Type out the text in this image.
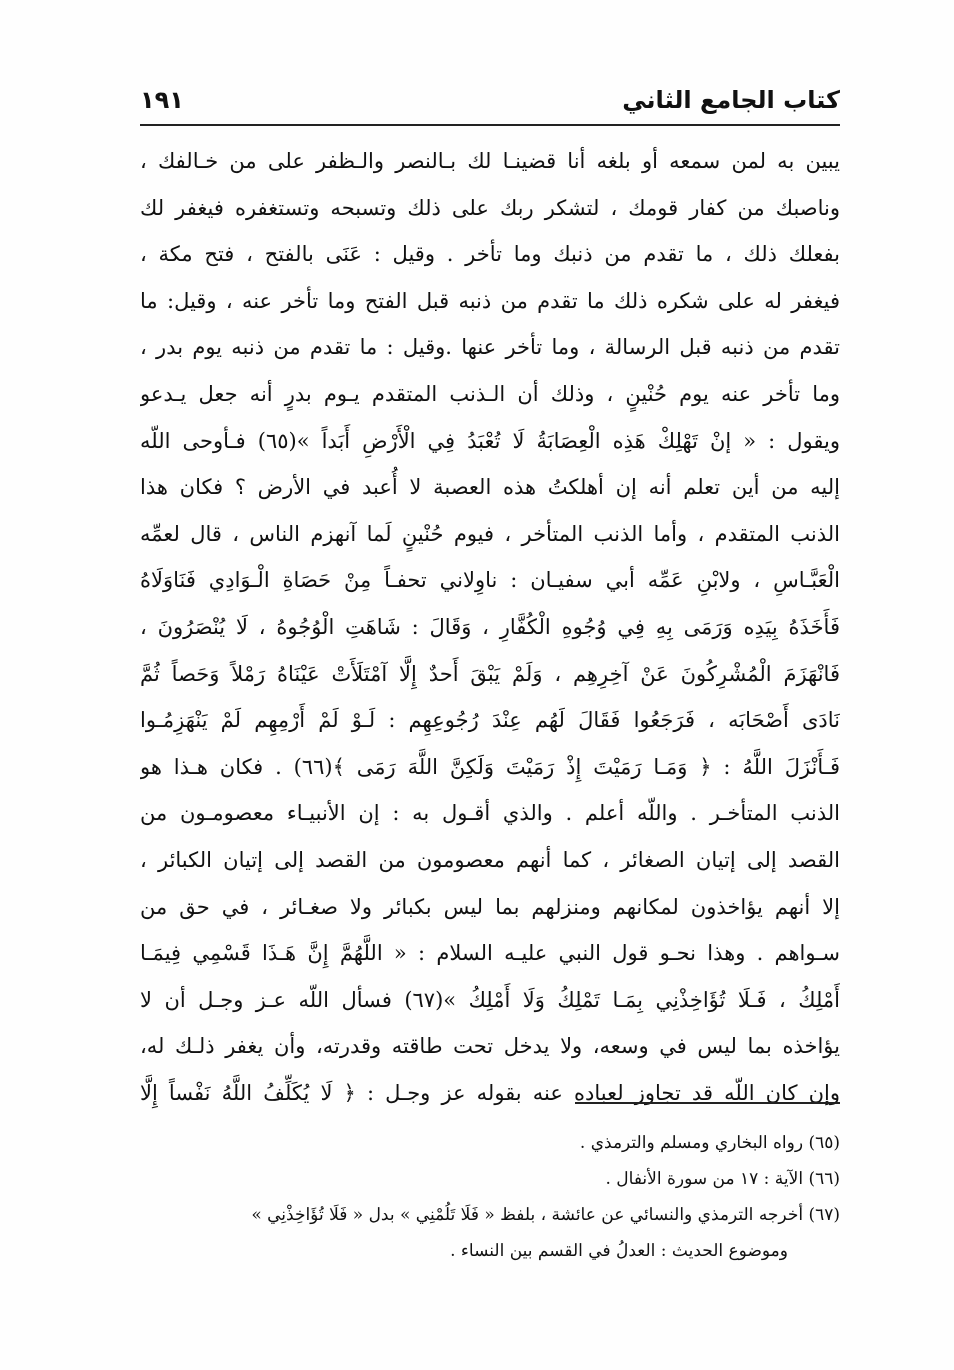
كتاب الجامع الثاني
١٩١
يبين به لمن سمعه أو بلغه أنا قضينـا لك بـالنصر والـظفر على من خـالفك ،
وناصبك من كفار قومك ، لتشكر ربك على ذلك وتسبحه وتستغفره فيغفر لك
بفعلك ذلك ، ما تقدم من ذنبك وما تأخر . وقيل : عَنَى بالفتح ، فتح مكة ،
فيغفر له على شكره ذلك ما تقدم من ذنبه قبل الفتح وما تأخر عنه ، وقيل: ما
تقدم من ذنبه قبل الرسالة ، وما تأخر عنها .وقيل : ما تقدم من ذنبه يوم بدر ،
وما تأخر عنه يوم حُنْينٍ ، وذلك أن الـذنب المتقدم يـوم بدرٍ أنه جعل يـدعو
ويقول : « إنْ تَهْلِكْ هَذِه الْعِصَابَةُ لَا تُعْبَدُ فِي الْأَرْضِ أَبَداً »(٦٥) فـأوحى اللّه
إليه من أين تعلم أنه إن أهلكتُ هذه العصبة لا أُعبد في الأرض ؟ فكان هذا
الذنب المتقدم ، وأما الذنب المتأخر ، فيوم حُنْينٍ لَما آنهزم الناس ، قال لعمِّه
الْعَبَّـاسِ ، ولابْنِ عَمِّه أبي سفيـان : ناوِلاني تحفـاً مِنْ حَصَاةِ الْـوَادِي فَنَاوَلَاهُ
فَأَخَذَهُ بِيَدِه وَرَمَى بِهِ فِي وُجُوهِ الْكُفَّارِ ، وَقَالَ : شَاهَتِ الْوُجُوهُ ، لَا يُنْصَرُونَ ،
فَانْهَزَمَ الْمُشْرِكُونَ عَنْ آخِرِهِم ، وَلَمْ يَبْقَ أَحدٌ إِلَّا آمْتَلَأَتْ عَيْنَاهُ رَمْلاً وَحَصاً ثُمَّ
نَادَى أَصْحَابَه ، فَرَجَعُوا فَقَالَ لَهُم عِنْدَ رُجُوعِهِم : لَـوْ لَمْ أَرْمِهِم لَمْ يَنْهَزِمُـوا
فَـأَنْزَلَ اللَّهُ : ﴿ وَمَـا رَمَيْتَ إِذْ رَمَيْتَ وَلَكِنَّ اللَّهَ رَمَى ﴾(٦٦) . فكان هـذا هو
الذنب المتأخـر . واللّه أعلم . والذي أقـول به : إن الأنبيـاء معصومـون من
القصد إلى إتيان الصغائر ، كما أنهم معصومون من القصد إلى إتيان الكبائر ،
إلا أنهم يؤاخذون لمكانهم ومنزلهم بما ليس بكبائر ولا صغـائر ، في حق من
سـواهم . وهذا نحـو قول النبي عليـه السلام : « اللَّهُمَّ إِنَّ هَـذَا قَسْمِي فِيمَـا
أَمْلِكُ ، فَـلَا تُؤَاخِذْنِي بِمَـا تَمْلِكُ وَلَا أَمْلِكُ »(٦٧) فسأل اللّه عـز وجـل أن لا
يؤاخذه بما ليس في وسعه، ولا يدخل تحت طاقته وقدرته، وأن يغفر ذلـك له،
وإن كان اللّه قد تجاوز لعباده عنه بقوله عز وجـل : ﴿ لَا يُكَلِّفُ اللَّهُ نَفْساً إِلَّا
(٦٥) رواه البخاري ومسلم والترمذي .
(٦٦) الآية : ١٧ من سورة الأنفال .
(٦٧) أخرجه الترمذي والنسائي عن عائشة ، بلفظ « فَلَا تَلُمْنِي » بدل « فَلَا تُؤَاخِذْنِي »
وموضوع الحديث : العدلُ في القسم بين النساء .
